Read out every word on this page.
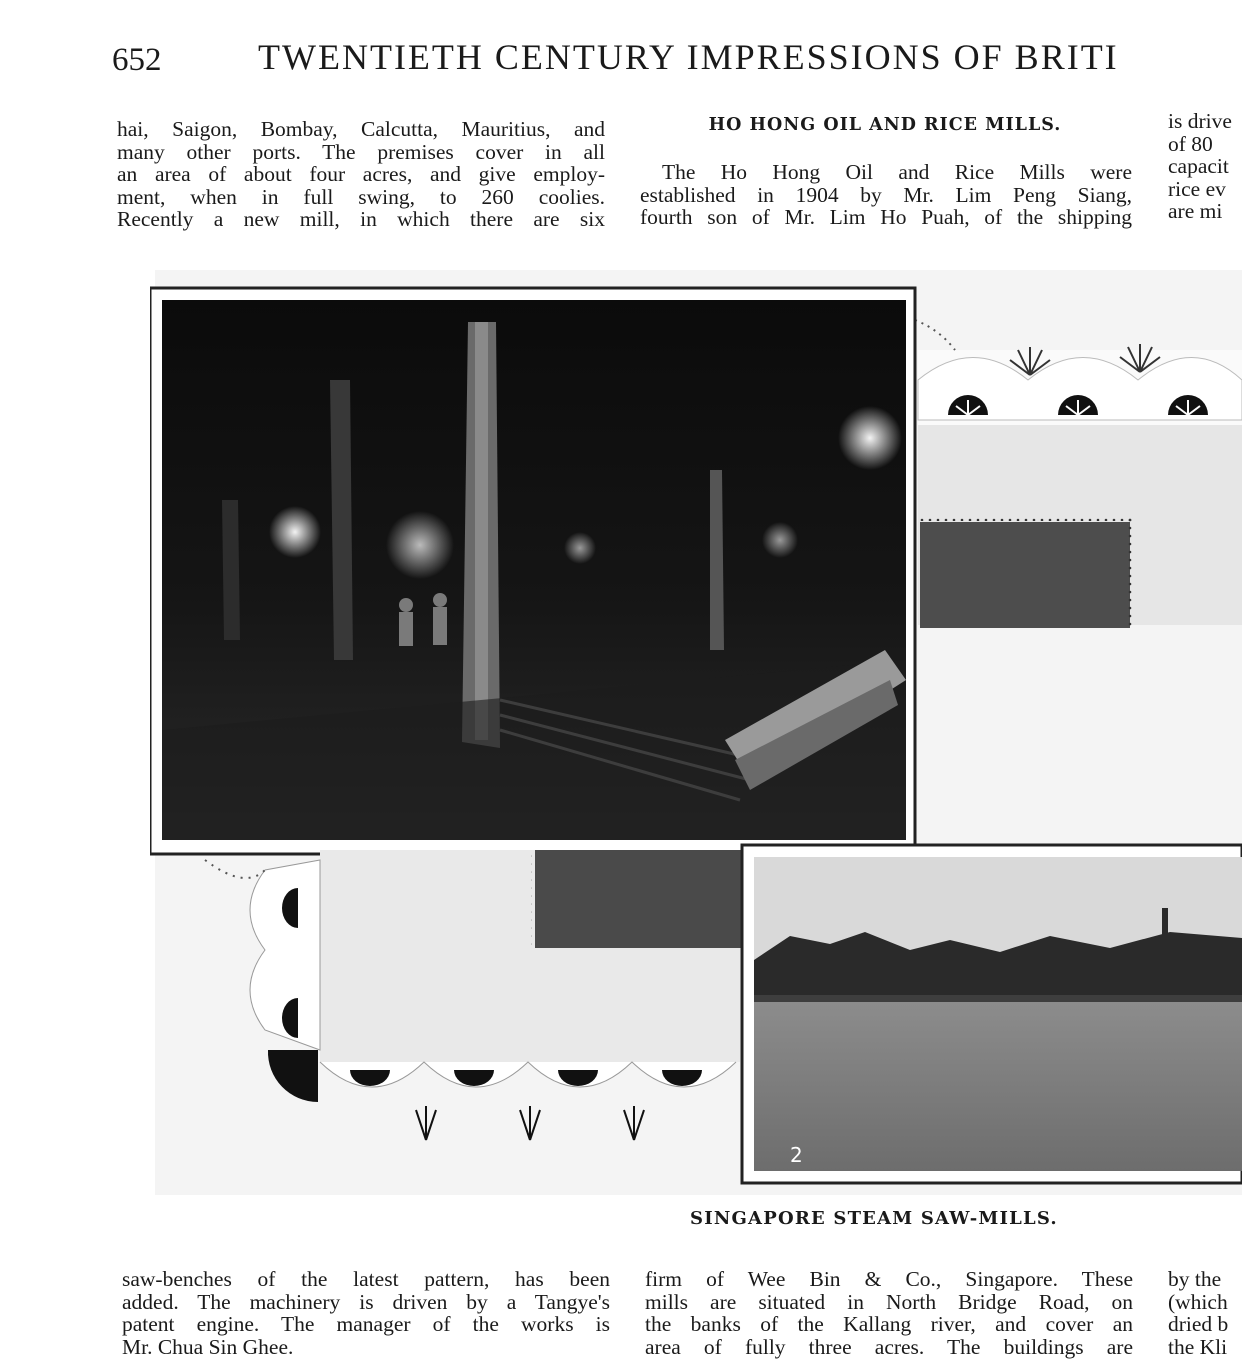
652	TWENTIETH CENTURY IMPRESSIONS OF BRITI
hai, Saigon, Bombay, Calcutta, Mauritius, and
many other ports. The premises cover in all
an area of about four acres, and give employ-
ment, when in full swing, to 260 coolies.
Recently a new mill, in which there are six
HO HONG OIL AND RICE MILLS.
The Ho Hong Oil and Rice Mills were
established in 1904 by Mr. Lim Peng Siang,
fourth son of Mr. Lim Ho Puah, of the shipping
is drive
of 80
capacit
rice ev
are mi
2
SINGAPORE STEAM SAW-MILLS.
saw-benches of the latest pattern, has been
added. The machinery is driven by a Tangye's
patent engine. The manager of the works is
Mr. Chua Sin Ghee.
firm of Wee Bin & Co., Singapore. These
mills are situated in North Bridge Road, on
the banks of the Kallang river, and cover an
area of fully three acres. The buildings are
by the
(which
dried b
the Kli
